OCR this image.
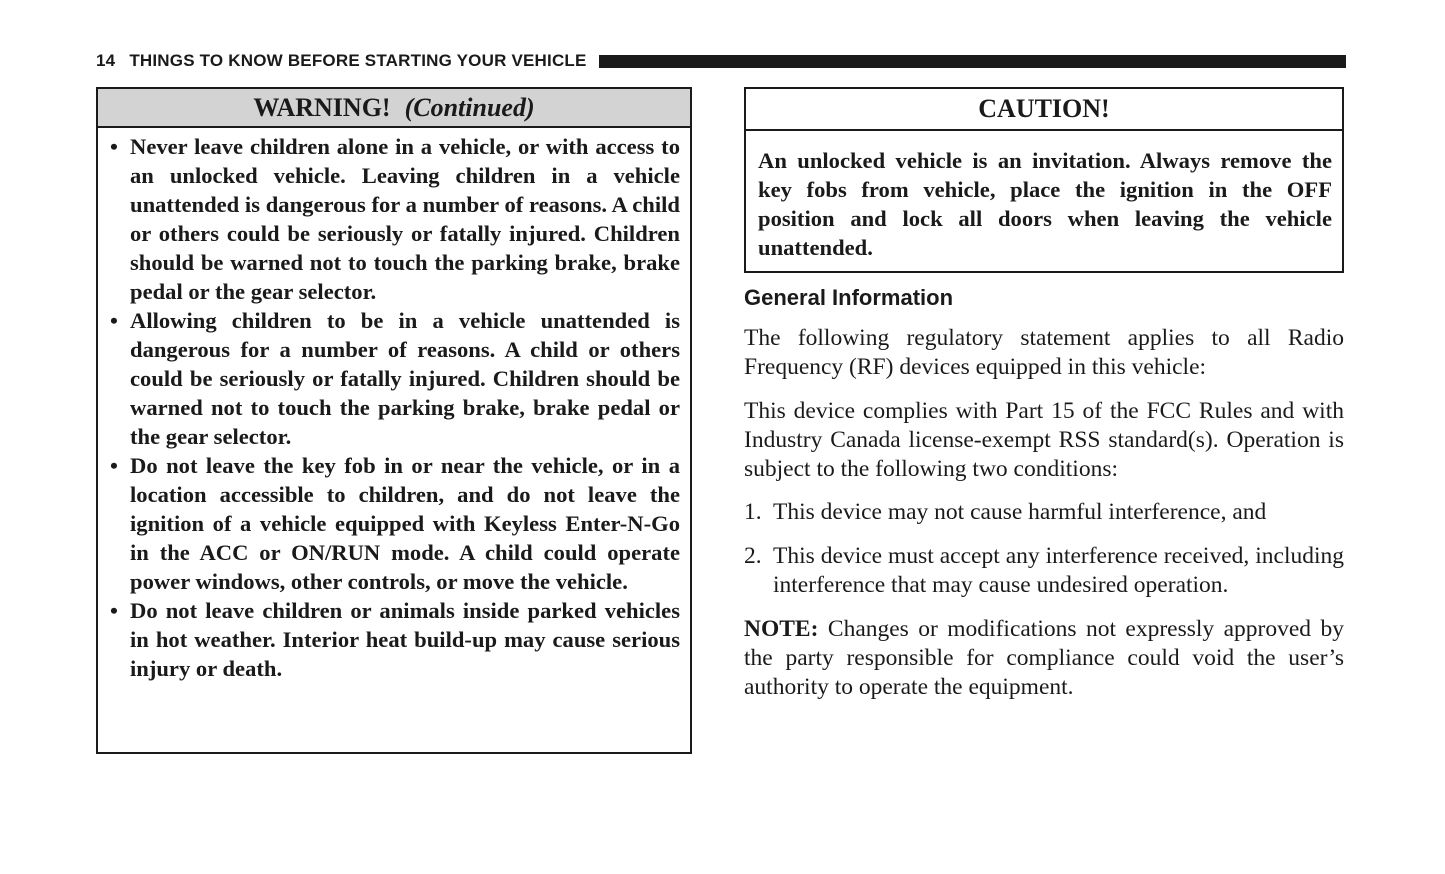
14 THINGS TO KNOW BEFORE STARTING YOUR VEHICLE
WARNING! (Continued)
• Never leave children alone in a vehicle, or with access to an unlocked vehicle. Leaving children in a vehicle unattended is dangerous for a number of reasons. A child or others could be seriously or fatally injured. Children should be warned not to touch the parking brake, brake pedal or the gear selector.
• Allowing children to be in a vehicle unattended is dangerous for a number of reasons. A child or others could be seriously or fatally injured. Children should be warned not to touch the parking brake, brake pedal or the gear selector.
• Do not leave the key fob in or near the vehicle, or in a location accessible to children, and do not leave the ignition of a vehicle equipped with Keyless Enter-N-Go in the ACC or ON/RUN mode. A child could operate power windows, other controls, or move the vehicle.
• Do not leave children or animals inside parked vehicles in hot weather. Interior heat build-up may cause serious injury or death.
CAUTION!
An unlocked vehicle is an invitation. Always remove the key fobs from vehicle, place the ignition in the OFF position and lock all doors when leaving the vehicle unattended.
General Information

The following regulatory statement applies to all Radio Frequency (RF) devices equipped in this vehicle:

This device complies with Part 15 of the FCC Rules and with Industry Canada license-exempt RSS standard(s). Operation is subject to the following two conditions:

1. This device may not cause harmful interference, and
2. This device must accept any interference received, including interference that may cause undesired operation.

NOTE: Changes or modifications not expressly approved by the party responsible for compliance could void the user’s authority to operate the equipment.
